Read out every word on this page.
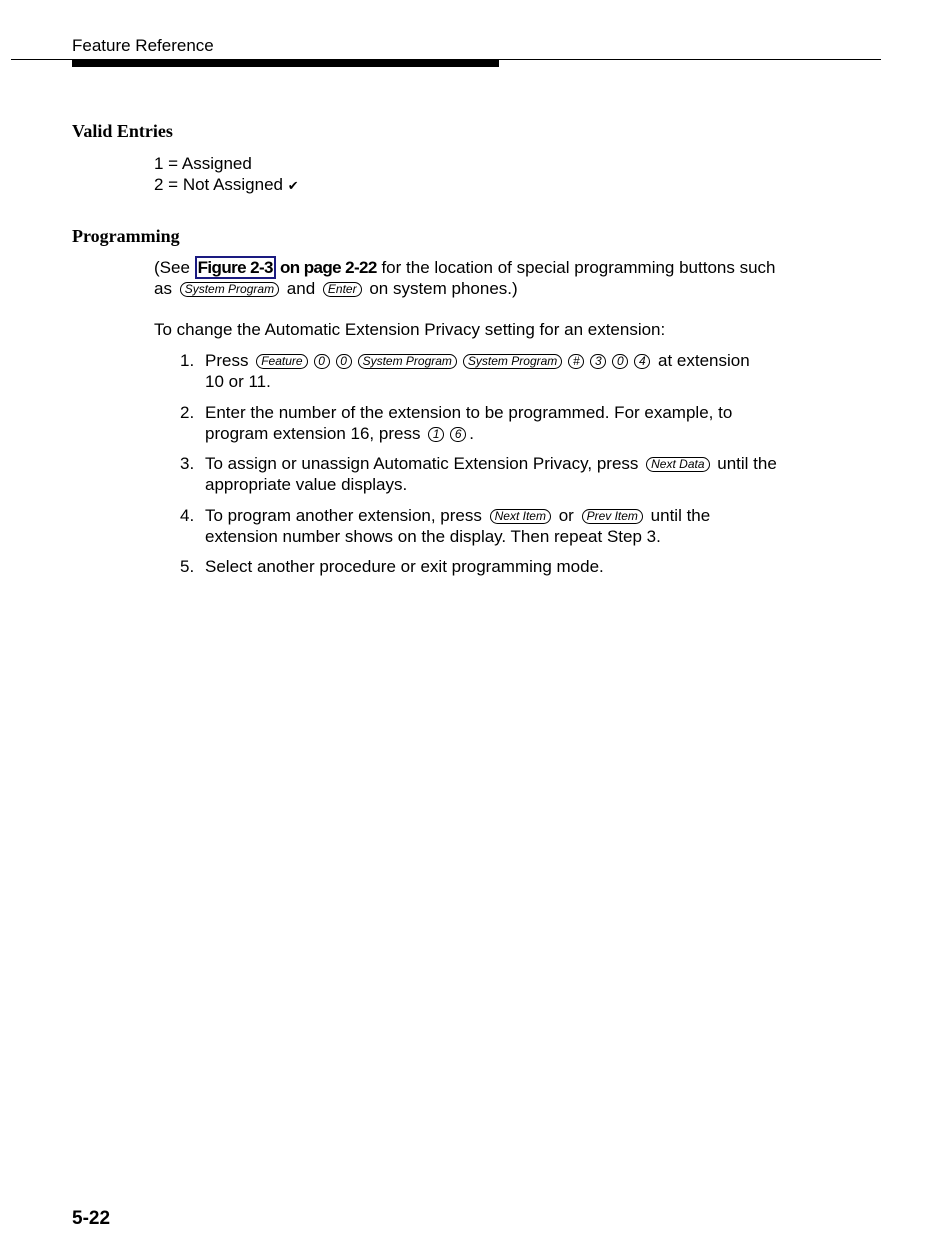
Feature Reference
Valid Entries
1 = Assigned
2 = Not Assigned ✔
Programming
(See Figure 2-3 on page 2-22 for the location of special programming buttons such
as System Program and Enter on system phones.)
To change the Automatic Extension Privacy setting for an extension:
1. Press Feature 0 0 System Program System Program # 3 0 4 at extension
10 or 11.
2. Enter the number of the extension to be programmed. For example, to
program extension 16, press 1 6 .
3. To assign or unassign Automatic Extension Privacy, press Next Data until the
appropriate value displays.
4. To program another extension, press Next Item or Prev Item until the
extension number shows on the display. Then repeat Step 3.
5. Select another procedure or exit programming mode.
5-22
